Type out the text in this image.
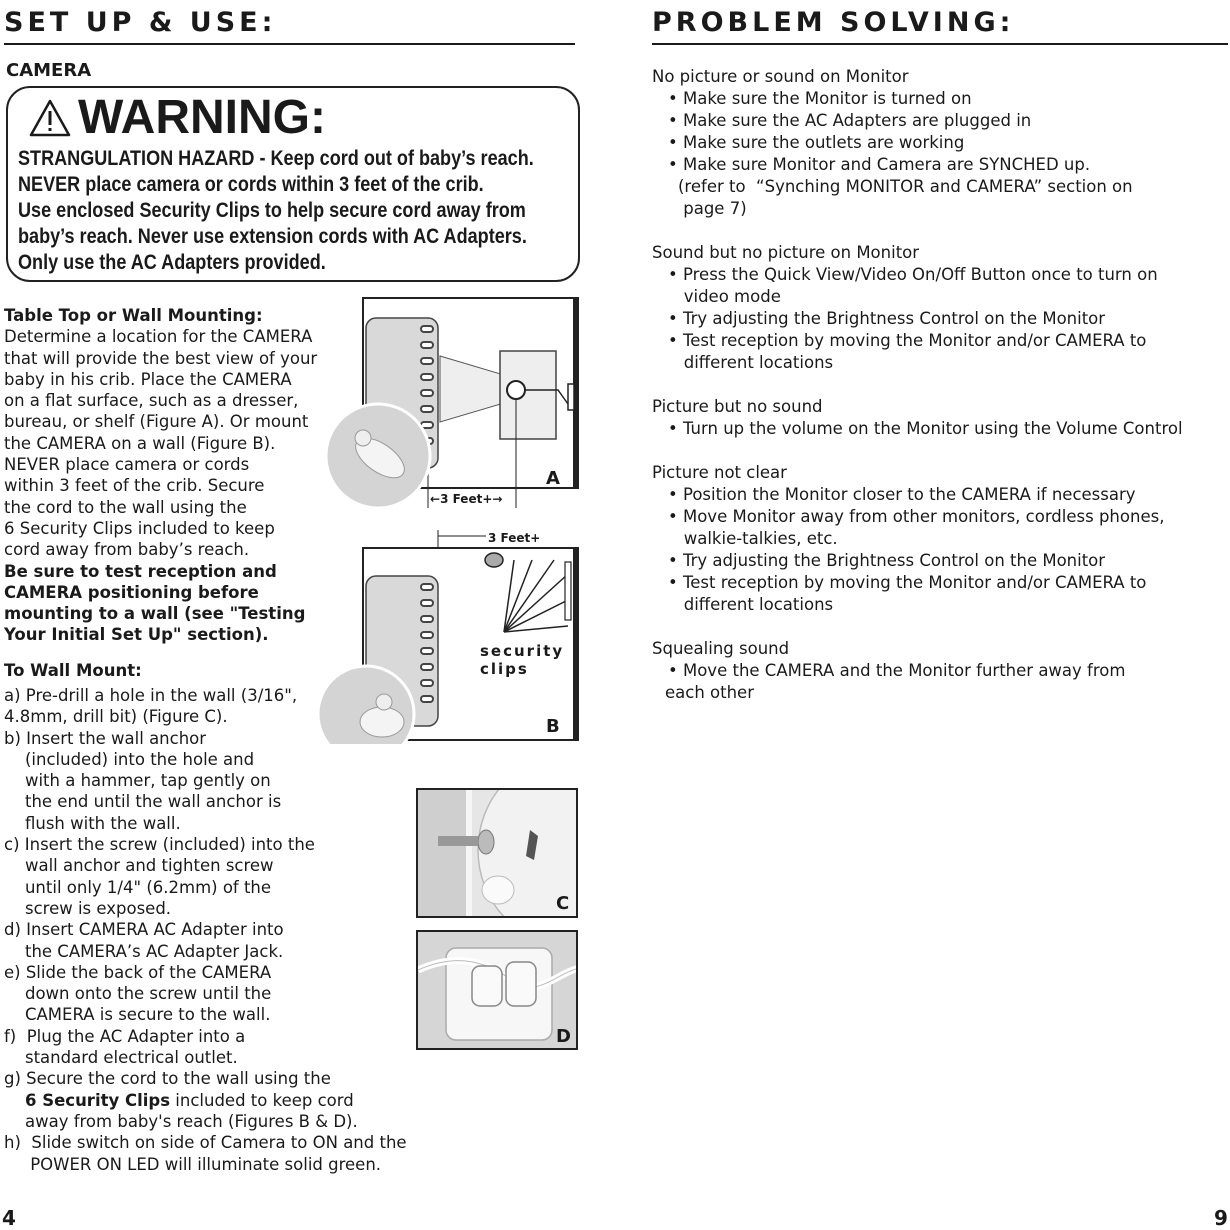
SET UP & USE:
CAMERA
WARNING:
STRANGULATION HAZARD - Keep cord out of baby’s reach.
NEVER place camera or cords within 3 feet of the crib.
Use enclosed Security Clips to help secure cord away from
baby’s reach. Never use extension cords with AC Adapters.
Only use the AC Adapters provided.
Table Top or Wall Mounting:
Determine a location for the CAMERA
that will provide the best view of your
baby in his crib. Place the CAMERA
on a flat surface, such as a dresser,
bureau, or shelf (Figure A). Or mount
the CAMERA on a wall (Figure B).
NEVER place camera or cords
within 3 feet of the crib. Secure
the cord to the wall using the
6 Security Clips included to keep
cord away from baby’s reach.
Be sure to test reception and
CAMERA positioning before
mounting to a wall (see "Testing
Your Initial Set Up" section).
To Wall Mount:
a) Pre-drill a hole in the wall (3/16",
4.8mm, drill bit) (Figure C).
b) Insert the wall anchor
(included) into the hole and
with a hammer, tap gently on
the end until the wall anchor is
flush with the wall.
c) Insert the screw (included) into the
wall anchor and tighten screw
until only 1/4" (6.2mm) of the
screw is exposed.
d) Insert CAMERA AC Adapter into
the CAMERA’s AC Adapter Jack.
e) Slide the back of the CAMERA
down onto the screw until the
CAMERA is secure to the wall.
f)  Plug the AC Adapter into a
standard electrical outlet.
g) Secure the cord to the wall using the
6 Security Clips included to keep cord
away from baby's reach (Figures B & D).
h)  Slide switch on side of Camera to ON and the
POWER ON LED will illuminate solid green.
A
←3 Feet+→
3 Feet+
security
clips
B
C
D
4
PROBLEM SOLVING:
No picture or sound on Monitor
• Make sure the Monitor is turned on
• Make sure the AC Adapters are plugged in
• Make sure the outlets are working
• Make sure Monitor and Camera are SYNCHED up.
(refer to  “Synching MONITOR and CAMERA” section on
page 7)
Sound but no picture on Monitor
• Press the Quick View/Video On/Off Button once to turn on
video mode
• Try adjusting the Brightness Control on the Monitor
• Test reception by moving the Monitor and/or CAMERA to
different locations
Picture but no sound
• Turn up the volume on the Monitor using the Volume Control
Picture not clear
• Position the Monitor closer to the CAMERA if necessary
• Move Monitor away from other monitors, cordless phones,
walkie-talkies, etc.
• Try adjusting the Brightness Control on the Monitor
• Test reception by moving the Monitor and/or CAMERA to
different locations
Squealing sound
• Move the CAMERA and the Monitor further away from
each other
9
